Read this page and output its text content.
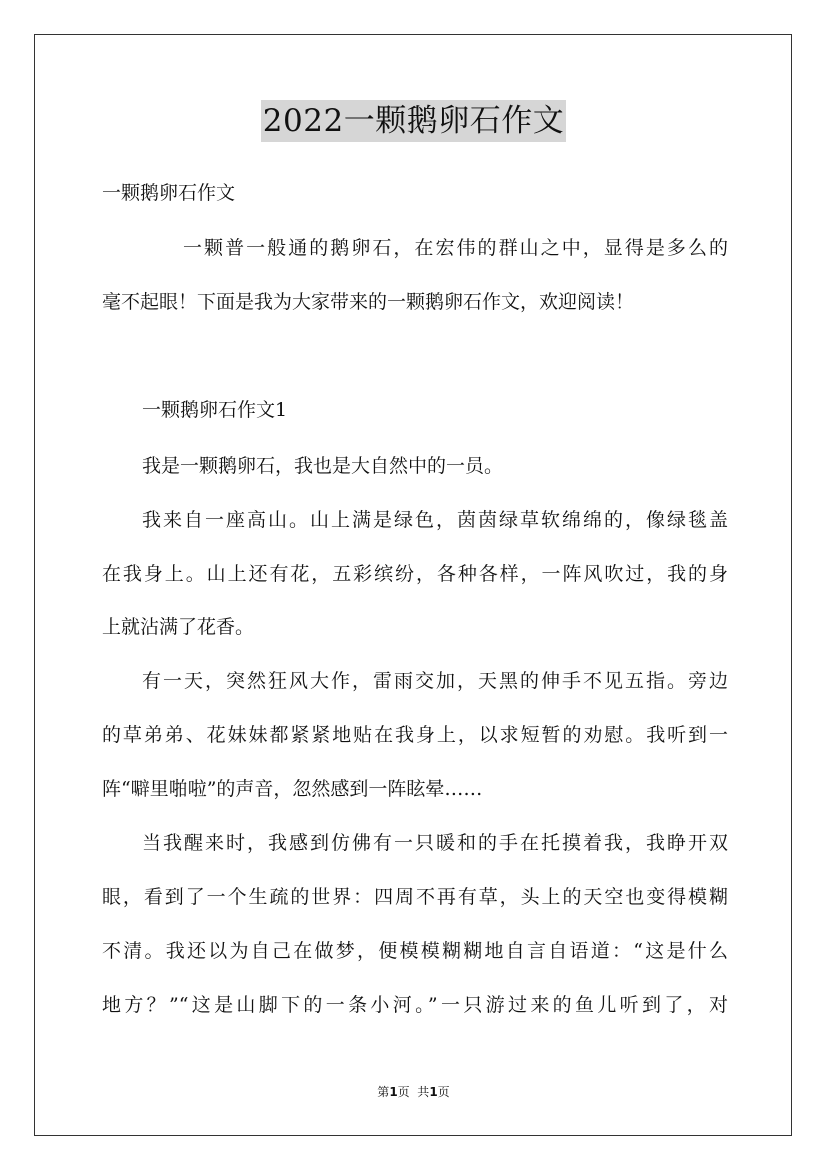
2022一颗鹅卵石作文
一颗鹅卵石作文
一颗普一般通的鹅卵石，在宏伟的群山之中，显得是多么的
毫不起眼！下面是我为大家带来的一颗鹅卵石作文，欢迎阅读！
一颗鹅卵石作文1
我是一颗鹅卵石，我也是大自然中的一员。
我来自一座高山。山上满是绿色，茵茵绿草软绵绵的，像绿毯盖
在我身上。山上还有花，五彩缤纷，各种各样，一阵风吹过，我的身
上就沾满了花香。
有一天，突然狂风大作，雷雨交加，天黑的伸手不见五指。旁边
的草弟弟、花妹妹都紧紧地贴在我身上，以求短暂的劝慰。我听到一
阵“噼里啪啦”的声音，忽然感到一阵眩晕……
当我醒来时，我感到仿佛有一只暖和的手在托摸着我，我睁开双
眼，看到了一个生疏的世界：四周不再有草，头上的天空也变得模糊
不清。我还以为自己在做梦，便模模糊糊地自言自语道：“这是什么
地方？”“这是山脚下的一条小河。”一只游过来的鱼儿听到了，对
第1页  共1页
